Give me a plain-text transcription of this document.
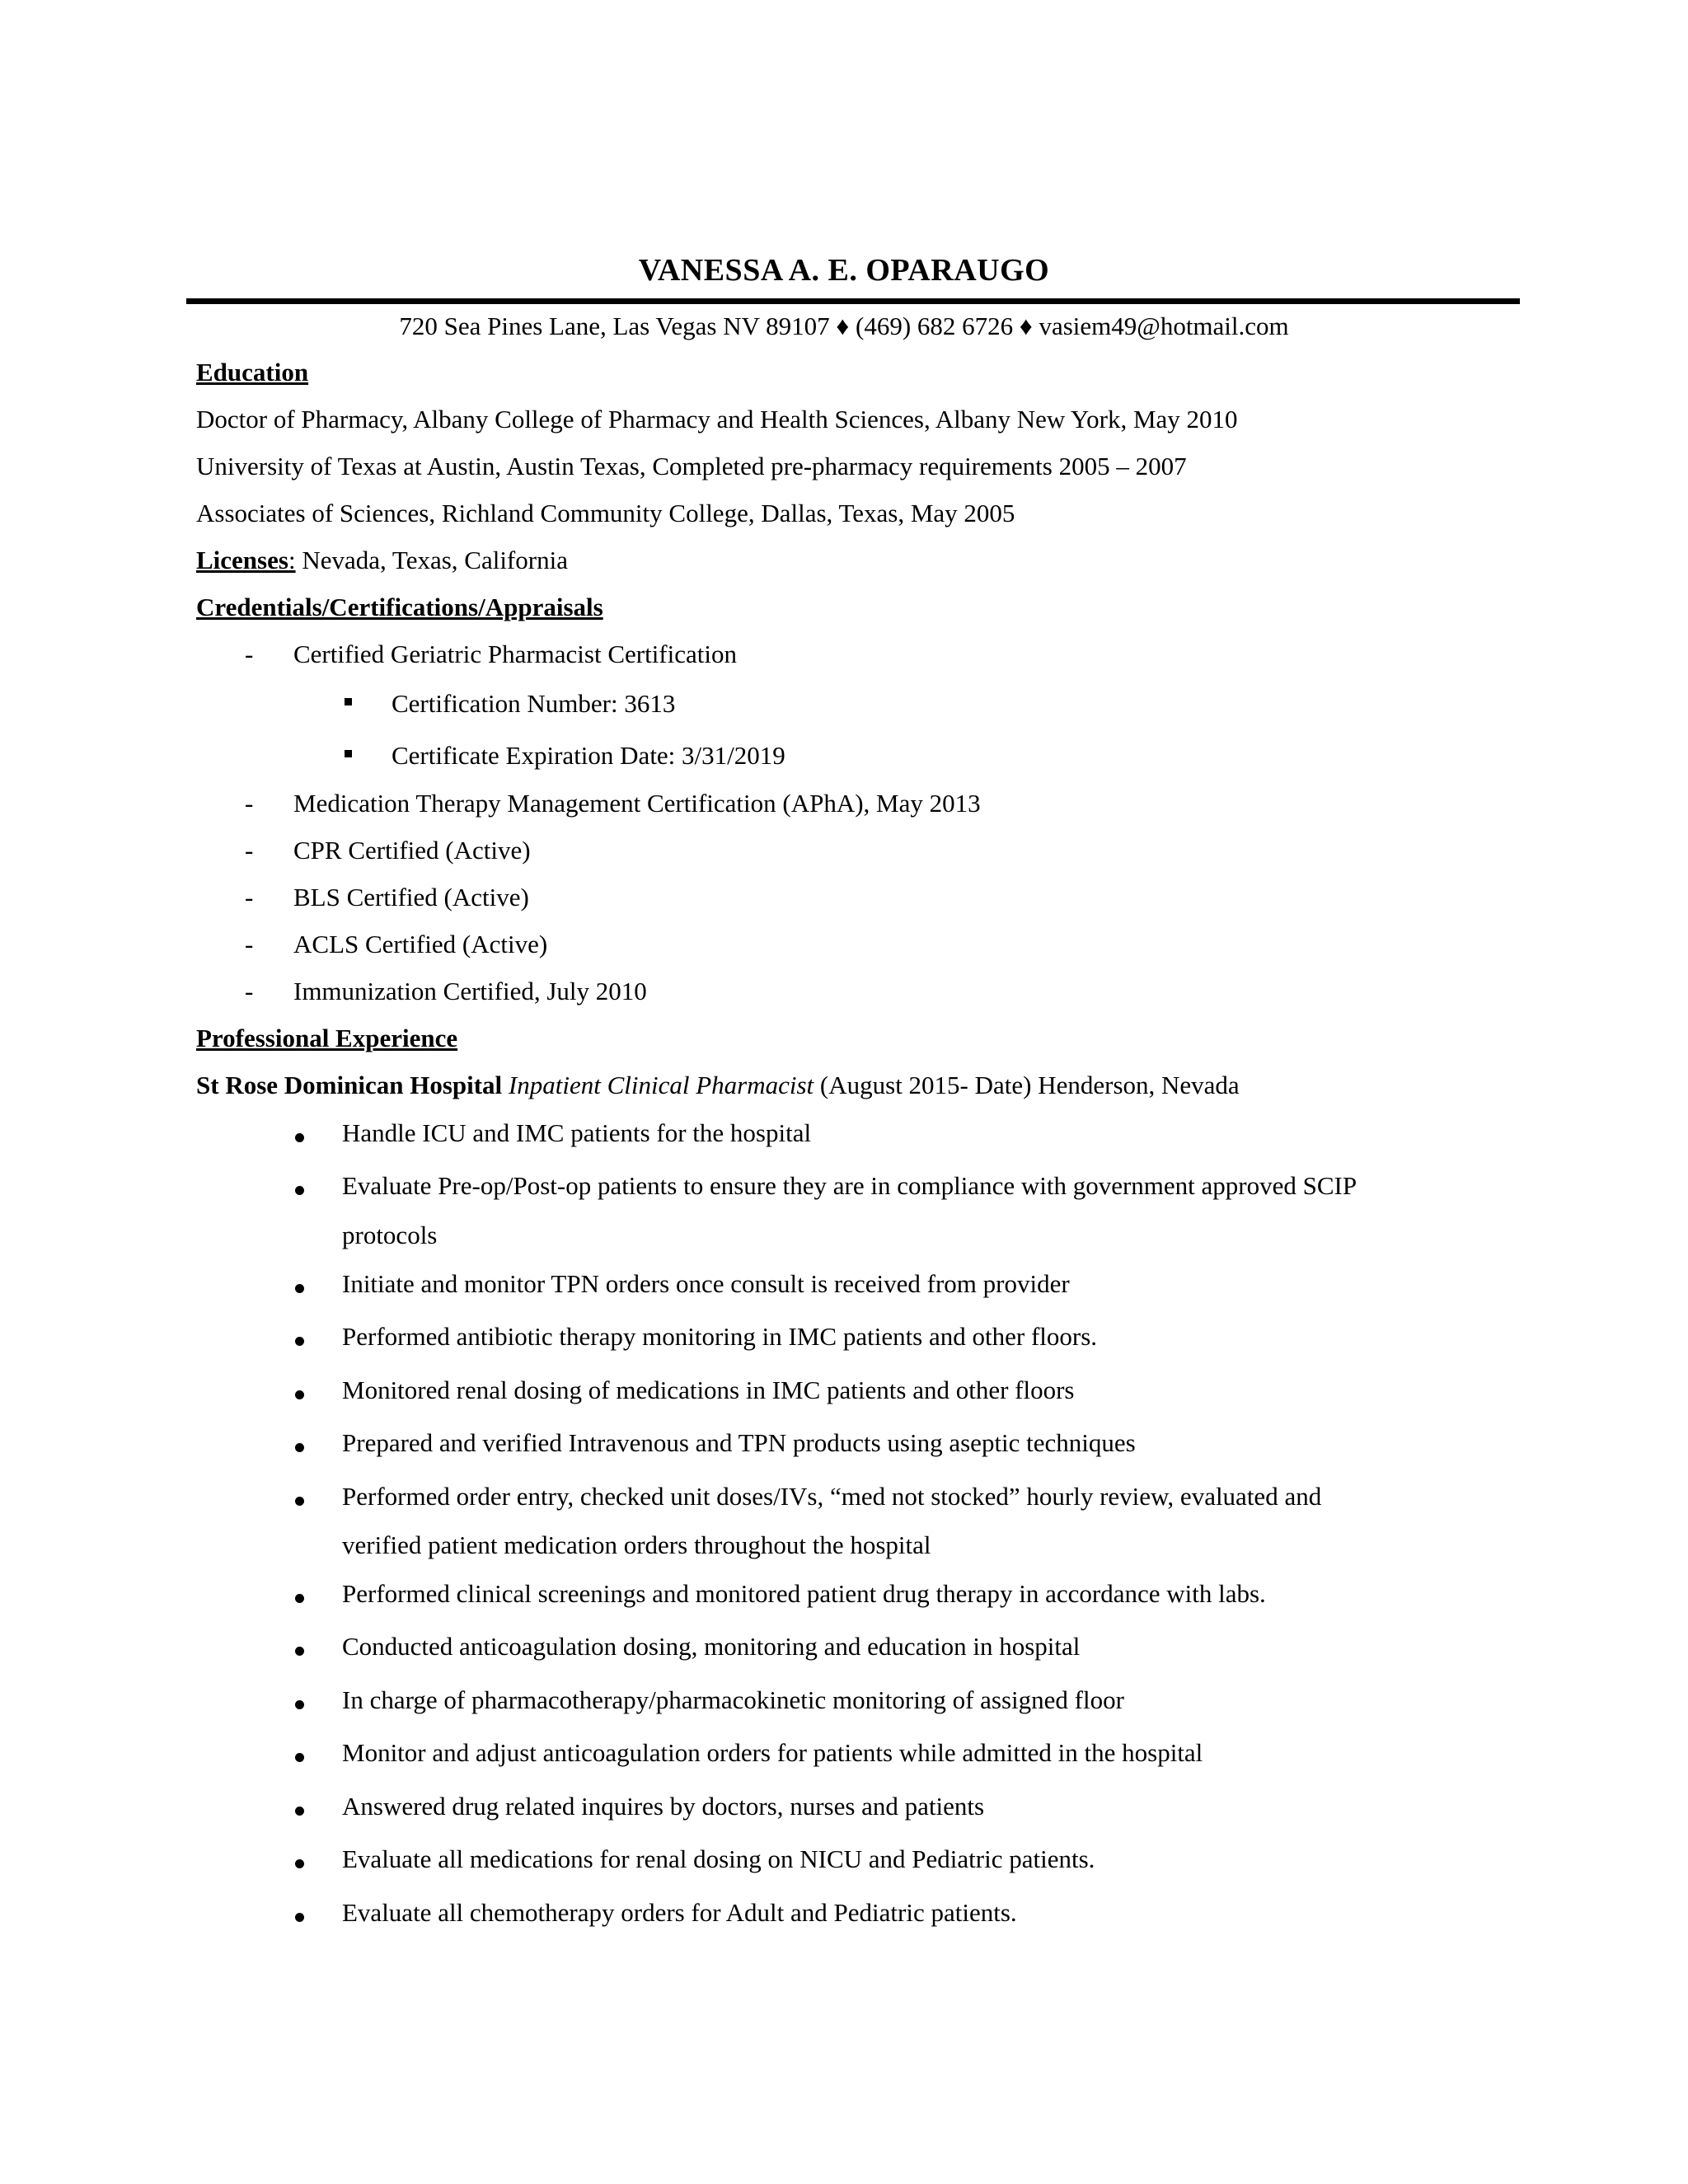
VANESSA A. E. OPARAUGO
720 Sea Pines Lane, Las Vegas NV 89107 ♦ (469) 682 6726 ♦ vasiem49@hotmail.com
Education
Doctor of Pharmacy, Albany College of Pharmacy and Health Sciences, Albany New York, May 2010
University of Texas at Austin, Austin Texas, Completed pre-pharmacy requirements 2005 – 2007
Associates of Sciences, Richland Community College, Dallas, Texas, May 2005
Licenses: Nevada, Texas, California
Credentials/Certifications/Appraisals
- Certified Geriatric Pharmacist Certification
Certification Number: 3613
Certificate Expiration Date: 3/31/2019
- Medication Therapy Management Certification (APhA), May 2013
- CPR Certified (Active)
- BLS Certified (Active)
- ACLS Certified (Active)
- Immunization Certified, July 2010
Professional Experience
St Rose Dominican Hospital Inpatient Clinical Pharmacist (August 2015- Date) Henderson, Nevada
Handle ICU and IMC patients for the hospital
Evaluate Pre-op/Post-op patients to ensure they are in compliance with government approved SCIP
protocols
Initiate and monitor TPN orders once consult is received from provider
Performed antibiotic therapy monitoring in IMC patients and other floors.
Monitored renal dosing of medications in IMC patients and other floors
Prepared and verified Intravenous and TPN products using aseptic techniques
Performed order entry, checked unit doses/IVs, “med not stocked” hourly review, evaluated and
verified patient medication orders throughout the hospital
Performed clinical screenings and monitored patient drug therapy in accordance with labs.
Conducted anticoagulation dosing, monitoring and education in hospital
In charge of pharmacotherapy/pharmacokinetic monitoring of assigned floor
Monitor and adjust anticoagulation orders for patients while admitted in the hospital
Answered drug related inquires by doctors, nurses and patients
Evaluate all medications for renal dosing on NICU and Pediatric patients.
Evaluate all chemotherapy orders for Adult and Pediatric patients.
